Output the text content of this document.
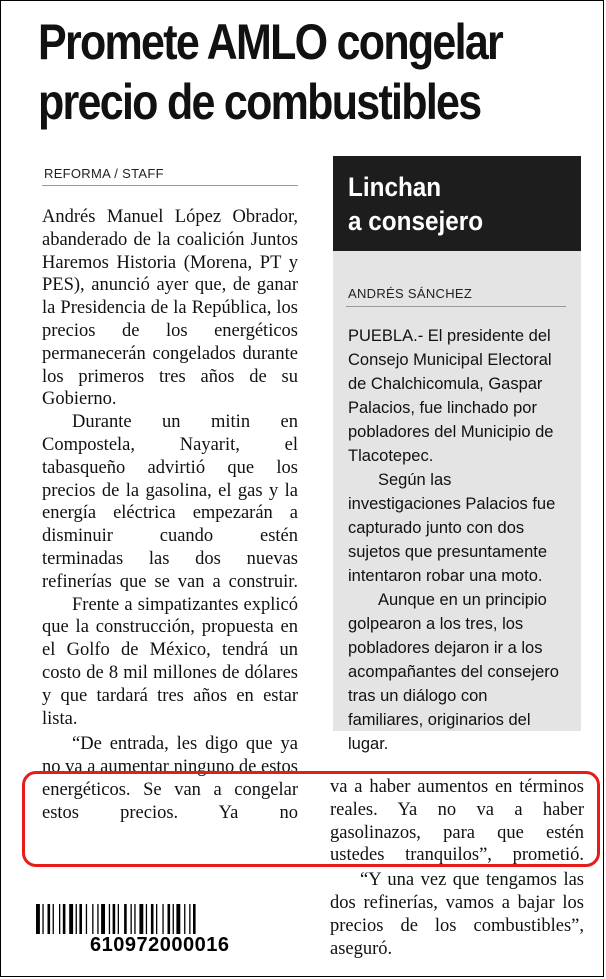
Promete AMLO congelar
precio de combustibles
REFORMA / STAFF

Andrés Manuel López Obrador, abanderado de la coalición Juntos Haremos Historia (Morena, PT y PES), anunció ayer que, de ganar la Presidencia de la República, los precios de los energéticos permanecerán congelados durante los primeros tres años de su Gobierno.

Durante un mitin en Compostela, Nayarit, el tabasqueño advirtió que los precios de la gasolina, el gas y la energía eléctrica empezarán a disminuir cuando estén terminadas las dos nuevas refinerías que se van a construir.

Frente a simpatizantes explicó que la construcción, propuesta en el Golfo de México, tendrá un costo de 8 mil millones de dólares y que tardará tres años en estar lista.

“De entrada, les digo que ya no va a aumentar ninguno de estos energéticos. Se van a congelar estos precios. Ya no

Linchan
a consejero
ANDRÉS SÁNCHEZ

PUEBLA.- El presidente del Consejo Municipal Electoral de Chalchicomula, Gaspar Palacios, fue linchado por pobladores del Municipio de Tlacotepec.

Según las investigaciones Palacios fue capturado junto con dos sujetos que presuntamente intentaron robar una moto.

Aunque en un principio golpearon a los tres, los pobladores dejaron ir a los acompañantes del consejero tras un diálogo con familiares, originarios del lugar.

va a haber aumentos en términos reales. Ya no va a haber gasolinazos, para que estén ustedes tranquilos”, prometió.

“Y una vez que tengamos las dos refinerías, vamos a bajar los precios de los combustibles”, aseguró.

610972000016
